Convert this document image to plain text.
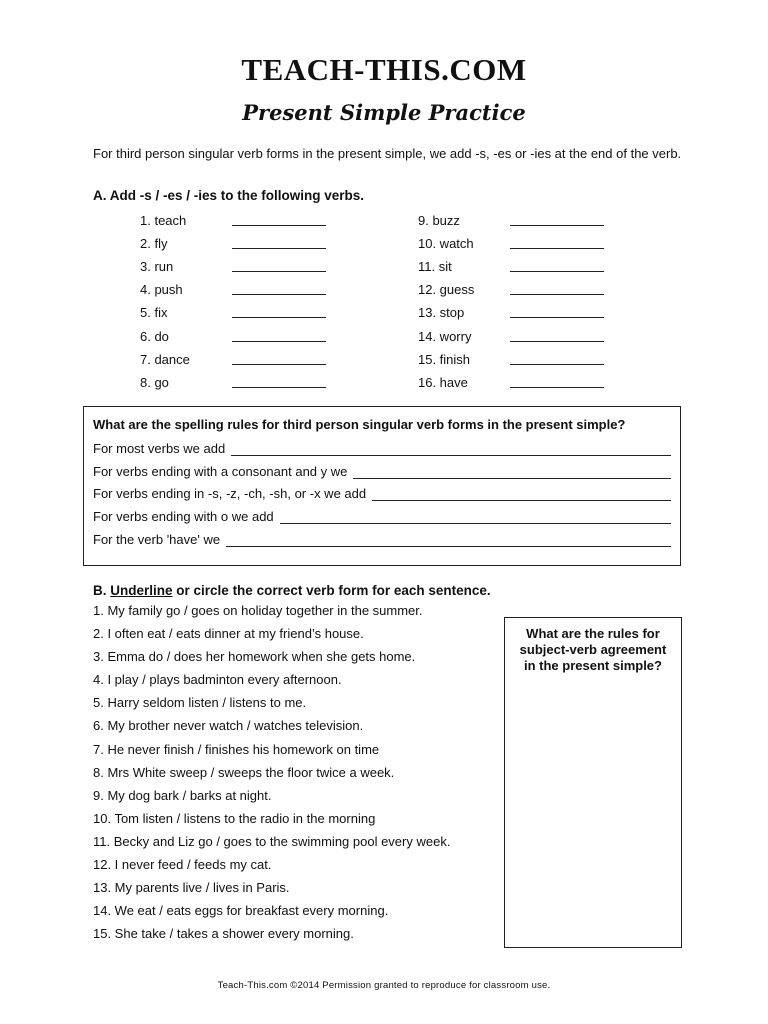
TEACH-THIS.COM
Present Simple Practice
For third person singular verb forms in the present simple, we add -s, -es or -ies at the end of the verb.
A. Add -s / -es / -ies to the following verbs.
1. teach
2. fly
3. run
4. push
5. fix
6. do
7. dance
8. go
9. buzz
10. watch
11. sit
12. guess
13. stop
14. worry
15. finish
16. have
What are the spelling rules for third person singular verb forms in the present simple?
For most verbs we add
For verbs ending with a consonant and y we
For verbs ending in -s, -z, -ch, -sh, or -x we add
For verbs ending with o we add
For the verb 'have' we
B. Underline or circle the correct verb form for each sentence.
1. My family go / goes on holiday together in the summer.
2. I often eat / eats dinner at my friend’s house.
3. Emma do / does her homework when she gets home.
4. I play / plays badminton every afternoon.
5. Harry seldom listen / listens to me.
6. My brother never watch / watches television.
7. He never finish / finishes his homework on time
8. Mrs White sweep / sweeps the floor twice a week.
9. My dog bark / barks at night.
10. Tom listen / listens to the radio in the morning
11. Becky and Liz go / goes to the swimming pool every week.
12. I never feed / feeds my cat.
13. My parents live / lives in Paris.
14. We eat / eats eggs for breakfast every morning.
15. She take / takes a shower every morning.
What are the rules for
subject-verb agreement
in the present simple?
Teach-This.com ©2014 Permission granted to reproduce for classroom use.
